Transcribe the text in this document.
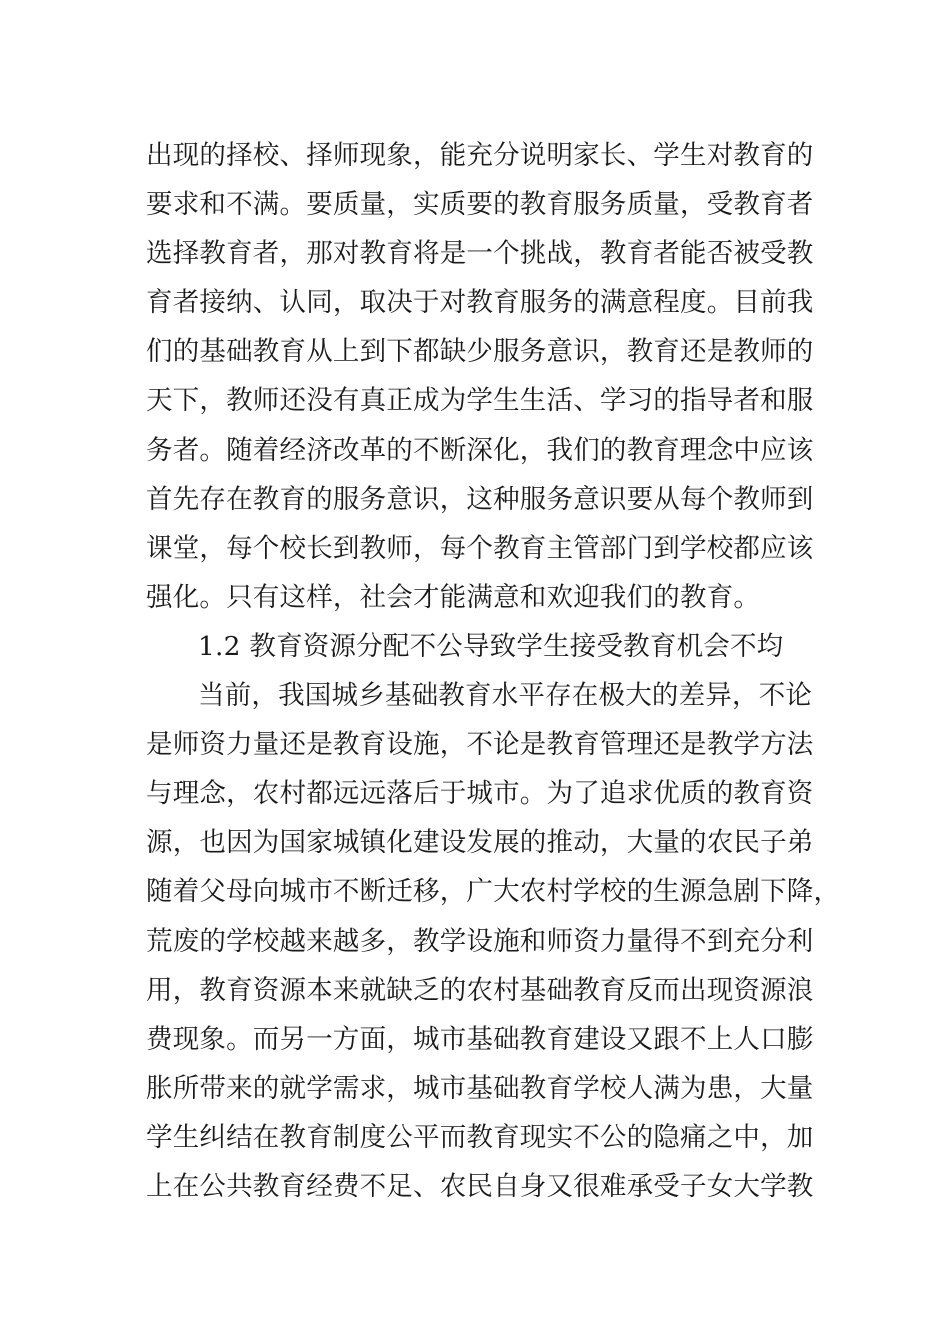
出现的择校、择师现象，能充分说明家长、学生对教育的
要求和不满。要质量，实质要的教育服务质量，受教育者
选择教育者，那对教育将是一个挑战，教育者能否被受教
育者接纳、认同，取决于对教育服务的满意程度。目前我
们的基础教育从上到下都缺少服务意识，教育还是教师的
天下，教师还没有真正成为学生生活、学习的指导者和服
务者。随着经济改革的不断深化，我们的教育理念中应该
首先存在教育的服务意识，这种服务意识要从每个教师到
课堂，每个校长到教师，每个教育主管部门到学校都应该
强化。只有这样，社会才能满意和欢迎我们的教育。
1.2 教育资源分配不公导致学生接受教育机会不均
当前，我国城乡基础教育水平存在极大的差异，不论
是师资力量还是教育设施，不论是教育管理还是教学方法
与理念，农村都远远落后于城市。为了追求优质的教育资
源，也因为国家城镇化建设发展的推动，大量的农民子弟
随着父母向城市不断迁移，广大农村学校的生源急剧下降，
荒废的学校越来越多，教学设施和师资力量得不到充分利
用，教育资源本来就缺乏的农村基础教育反而出现资源浪
费现象。而另一方面，城市基础教育建设又跟不上人口膨
胀所带来的就学需求，城市基础教育学校人满为患，大量
学生纠结在教育制度公平而教育现实不公的隐痛之中，加
上在公共教育经费不足、农民自身又很难承受子女大学教
